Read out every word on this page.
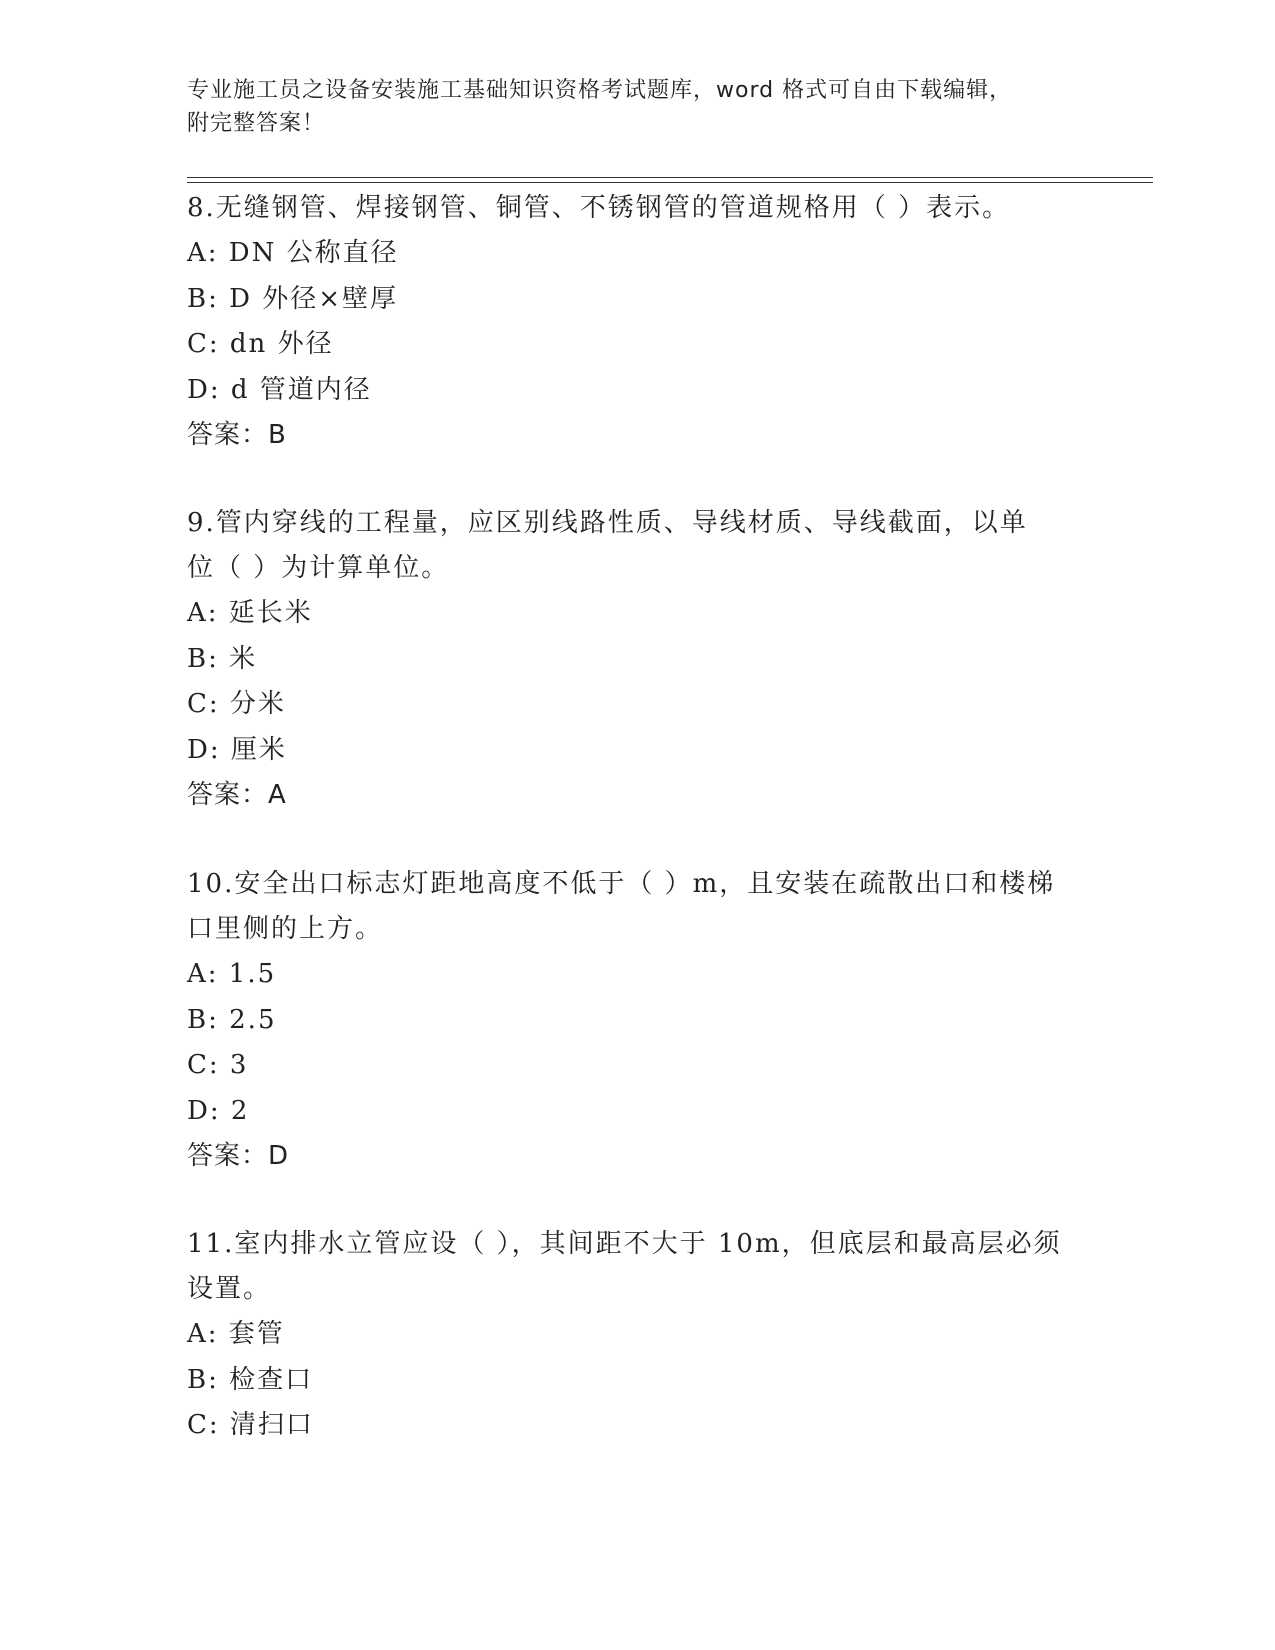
专业施工员之设备安装施工基础知识资格考试题库，word 格式可自由下载编辑，
附完整答案！
8.无缝钢管、焊接钢管、铜管、不锈钢管的管道规格用（ ）表示。
A: DN 公称直径
B: D 外径×壁厚
C: dn 外径
D: d 管道内径
答案：B
9.管内穿线的工程量，应区别线路性质、导线材质、导线截面，以单
位（ ）为计算单位。
A: 延长米
B: 米
C: 分米
D: 厘米
答案：A
10.安全出口标志灯距地高度不低于（ ）m，且安装在疏散出口和楼梯
口里侧的上方。
A: 1.5
B: 2.5
C: 3
D: 2
答案：D
11.室内排水立管应设（ ），其间距不大于 10m，但底层和最高层必须
设置。
A: 套管
B: 检查口
C: 清扫口
